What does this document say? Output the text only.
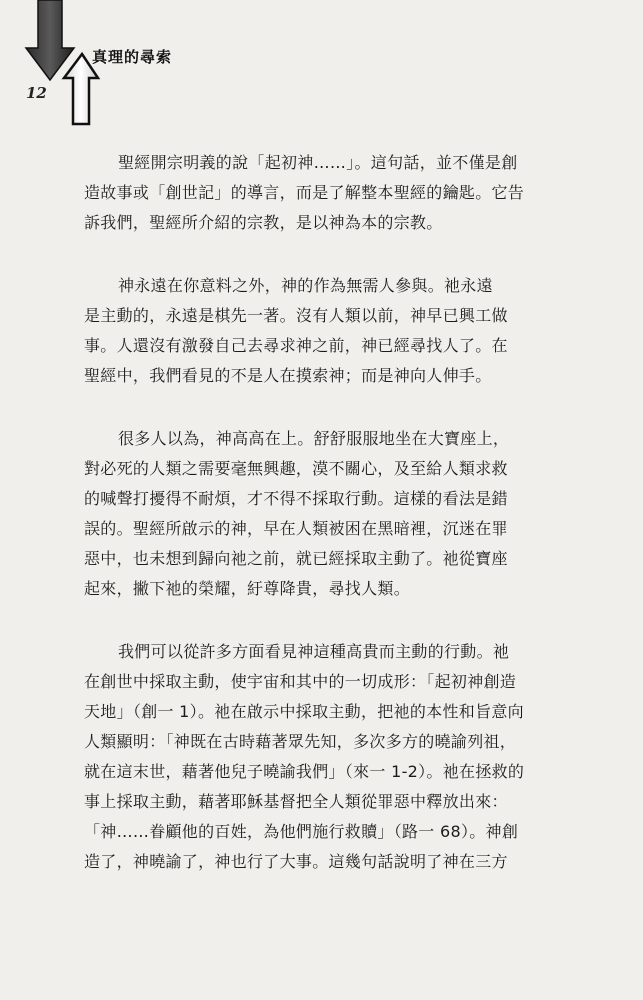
真理的尋索
12

聖經開宗明義的說「起初神……」。這句話，並不僅是創
造故事或「創世記」的導言，而是了解整本聖經的鑰匙。它告
訴我們，聖經所介紹的宗教，是以神為本的宗教。

神永遠在你意料之外，神的作為無需人參與。祂永遠
是主動的，永遠是棋先一著。沒有人類以前，神早已興工做
事。人還沒有激發自己去尋求神之前，神已經尋找人了。在
聖經中，我們看見的不是人在摸索神；而是神向人伸手。

很多人以為，神高高在上。舒舒服服地坐在大寶座上，
對必死的人類之需要毫無興趣，漠不關心，及至給人類求救
的喊聲打擾得不耐煩，才不得不採取行動。這樣的看法是錯
誤的。聖經所啟示的神，早在人類被困在黑暗裡，沉迷在罪
惡中，也未想到歸向祂之前，就已經採取主動了。祂從寶座
起來，撇下祂的榮耀，紆尊降貴，尋找人類。

我們可以從許多方面看見神這種高貴而主動的行動。祂
在創世中採取主動，使宇宙和其中的一切成形：「起初神創造
天地」（創一 1）。祂在啟示中採取主動，把祂的本性和旨意向
人類顯明：「神既在古時藉著眾先知，多次多方的曉諭列祖，
就在這末世，藉著他兒子曉諭我們」（來一 1-2）。祂在拯救的
事上採取主動，藉著耶穌基督把全人類從罪惡中釋放出來：
「神……眷顧他的百姓，為他們施行救贖」（路一 68）。神創
造了，神曉諭了，神也行了大事。這幾句話說明了神在三方
